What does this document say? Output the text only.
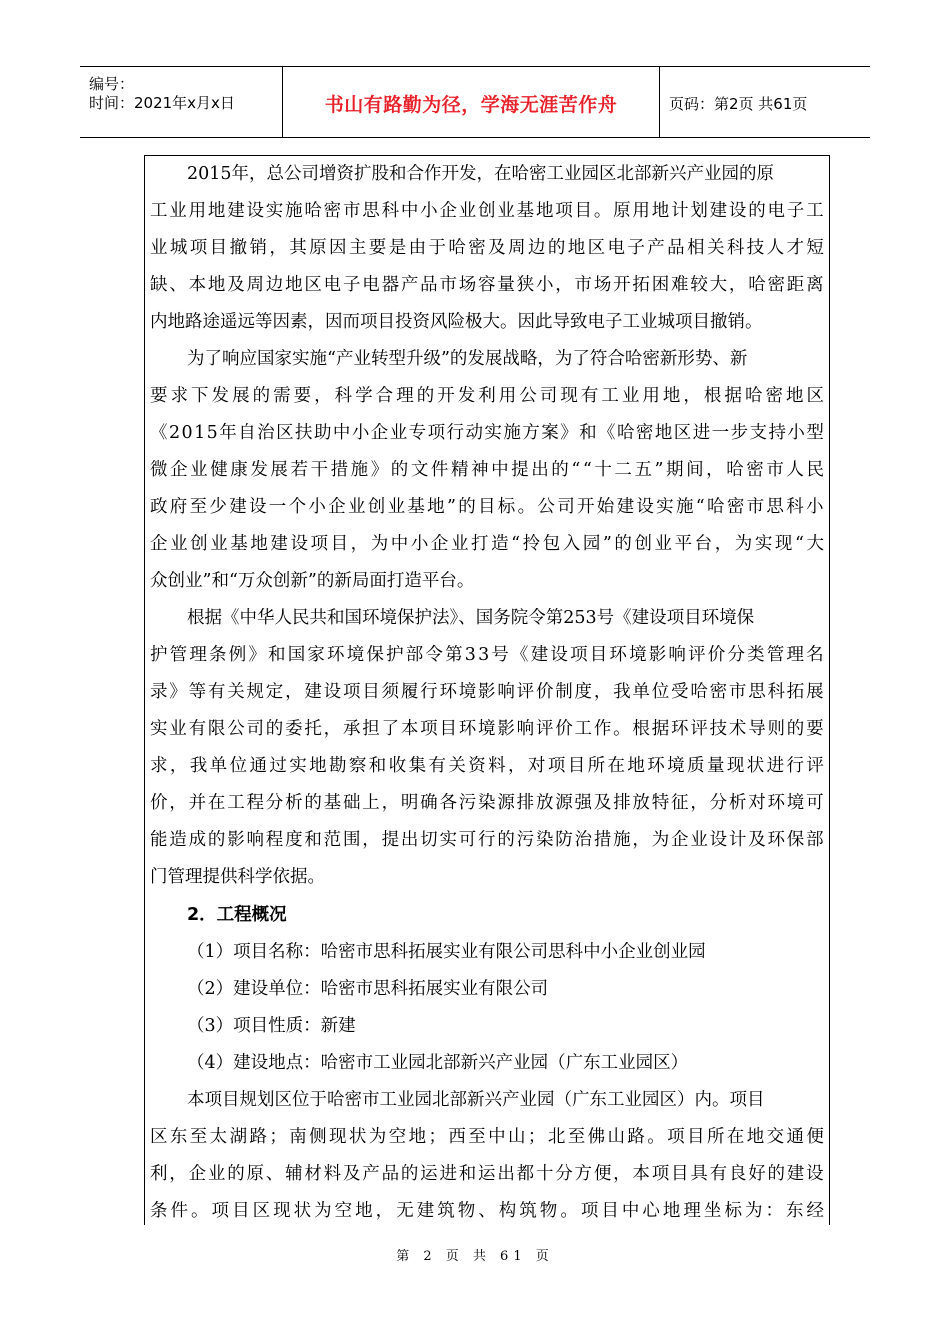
编号：
时间：2021年x月x日	书山有路勤为径，学海无涯苦作舟	页码：第2页 共61页
2015年，总公司增资扩股和合作开发，在哈密工业园区北部新兴产业园的原
工 业 用 地 建 设 实 施 哈 密 市 思 科 中 小 企 业 创 业 基 地 项 目 。 原 用 地 计 划 建 设 的 电 子 工
业 城 项 目 撤 销 ， 其 原 因 主 要 是 由 于 哈 密 及 周 边 的 地 区 电 子 产 品 相 关 科 技 人 才 短
缺 、 本 地 及 周 边 地 区 电 子 电 器 产 品 市 场 容 量 狭 小 ， 市 场 开 拓 困 难 较 大 ， 哈 密 距 离
内地路途遥远等因素，因而项目投资风险极大。因此导致电子工业城项目撤销。
为了响应国家实施“产业转型升级”的发展战略，为了符合哈密新形势、新
要 求 下 发 展 的 需 要 ， 科 学 合 理 的 开 发 利 用 公 司 现 有 工 业 用 地 ， 根 据 哈 密 地 区
《 2 0 1 5 年 自 治 区 扶 助 中 小 企 业 专 项 行 动 实 施 方 案 》 和 《 哈 密 地 区 进 一 步 支 持 小 型
微 企 业 健 康 发 展 若 干 措 施 》 的 文 件 精 神 中 提 出 的 “ “ 十 二 五 ” 期 间 ， 哈 密 市 人 民
政 府 至 少 建 设 一 个 小 企 业 创 业 基 地 ” 的 目 标 。 公 司 开 始 建 设 实 施 “ 哈 密 市 思 科 小
企 业 创 业 基 地 建 设 项 目 ， 为 中 小 企 业 打 造 “ 拎 包 入 园 ” 的 创 业 平 台 ， 为 实 现 “ 大
众创业”和“万众创新”的新局面打造平台。
根据《中华人民共和国环境保护法》、国务院令第253号《建设项目环境保
护 管 理 条 例 》 和 国 家 环 境 保 护 部 令 第 3 3 号 《 建 设 项 目 环 境 影 响 评 价 分 类 管 理 名
录 》 等 有 关 规 定 ， 建 设 项 目 须 履 行 环 境 影 响 评 价 制 度 ， 我 单 位 受 哈 密 市 思 科 拓 展
实 业 有 限 公 司 的 委 托 ， 承 担 了 本 项 目 环 境 影 响 评 价 工 作 。 根 据 环 评 技 术 导 则 的 要
求 ， 我 单 位 通 过 实 地 勘 察 和 收 集 有 关 资 料 ， 对 项 目 所 在 地 环 境 质 量 现 状 进 行 评
价 ， 并 在 工 程 分 析 的 基 础 上 ， 明 确 各 污 染 源 排 放 源 强 及 排 放 特 征 ， 分 析 对 环 境 可
能 造 成 的 影 响 程 度 和 范 围 ， 提 出 切 实 可 行 的 污 染 防 治 措 施 ， 为 企 业 设 计 及 环 保 部
门管理提供科学依据。
2．工程概况
（1）项目名称：哈密市思科拓展实业有限公司思科中小企业创业园
（2）建设单位：哈密市思科拓展实业有限公司
（3）项目性质：新建
（4）建设地点：哈密市工业园北部新兴产业园（广东工业园区）
本项目规划区位于哈密市工业园北部新兴产业园（广东工业园区）内。项目
区 东 至 太 湖 路 ； 南 侧 现 状 为 空 地 ； 西 至 中 山 ； 北 至 佛 山 路 。 项 目 所 在 地 交 通 便
利 ， 企 业 的 原 、 辅 材 料 及 产 品 的 运 进 和 运 出 都 十 分 方 便 ， 本 项 目 具 有 良 好 的 建 设
条 件 。 项 目 区 现 状 为 空 地 ， 无 建 筑 物 、 构 筑 物 。 项 目 中 心 地 理 坐 标 为 ： 东 经
第 2 页 共 61 页
